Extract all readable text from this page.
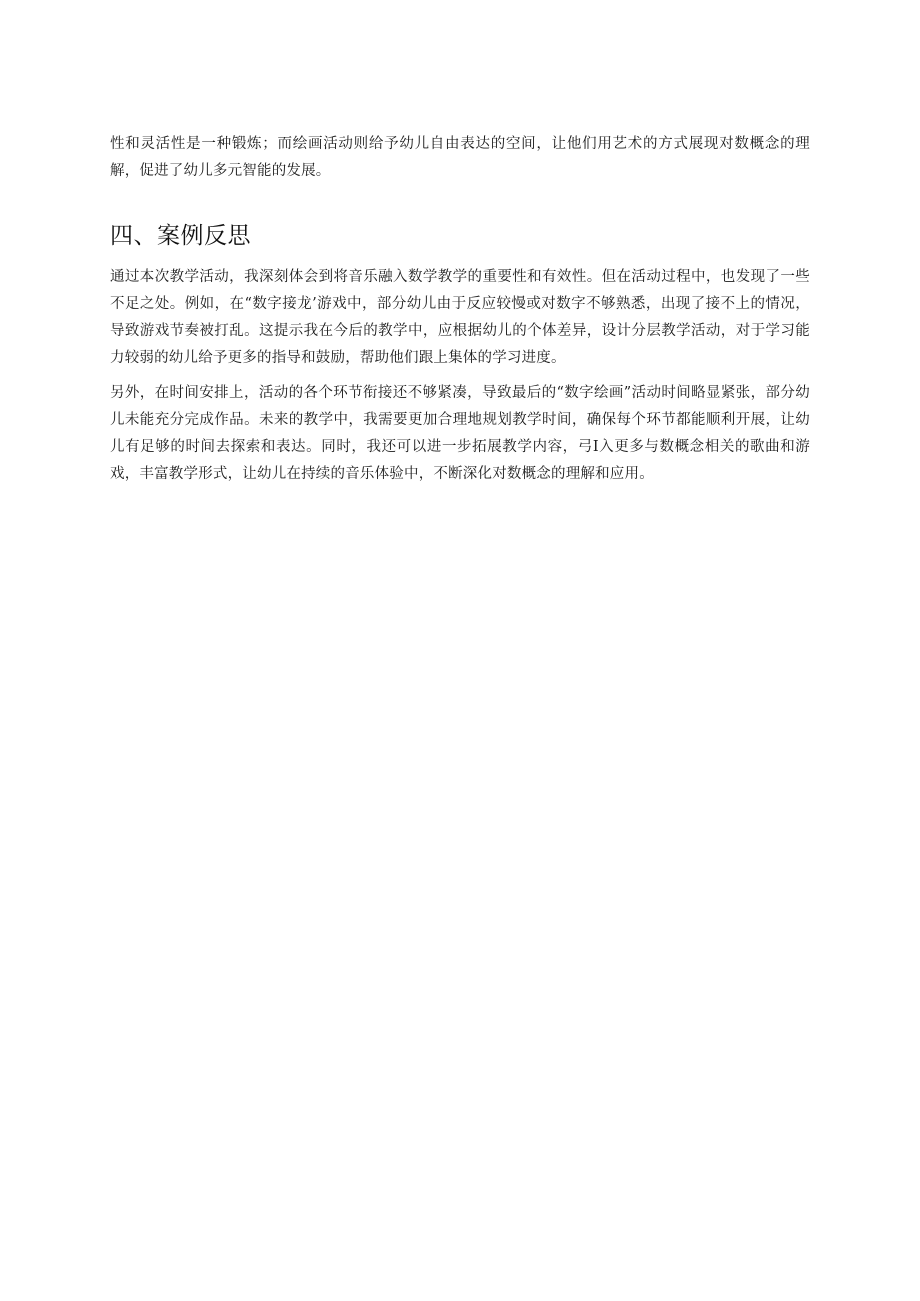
性和灵活性是一种锻炼；而绘画活动则给予幼儿自由表达的空间，让他们用艺术的方式展现对数概念的理解，促进了幼儿多元智能的发展。

四、案例反思

通过本次教学活动，我深刻体会到将音乐融入数学教学的重要性和有效性。但在活动过程中，也发现了一些不足之处。例如，在“数字接龙’游戏中，部分幼儿由于反应较慢或对数字不够熟悉，出现了接不上的情况，导致游戏节奏被打乱。这提示我在今后的教学中，应根据幼儿的个体差异，设计分层教学活动，对于学习能力较弱的幼儿给予更多的指导和鼓励，帮助他们跟上集体的学习进度。

另外，在时间安排上，活动的各个环节衔接还不够紧凑，导致最后的“数字绘画”活动时间略显紧张，部分幼儿未能充分完成作品。未来的教学中，我需要更加合理地规划教学时间，确保每个环节都能顺利开展，让幼儿有足够的时间去探索和表达。同时，我还可以进一步拓展教学内容，弓I入更多与数概念相关的歌曲和游戏，丰富教学形式，让幼儿在持续的音乐体验中，不断深化对数概念的理解和应用。
